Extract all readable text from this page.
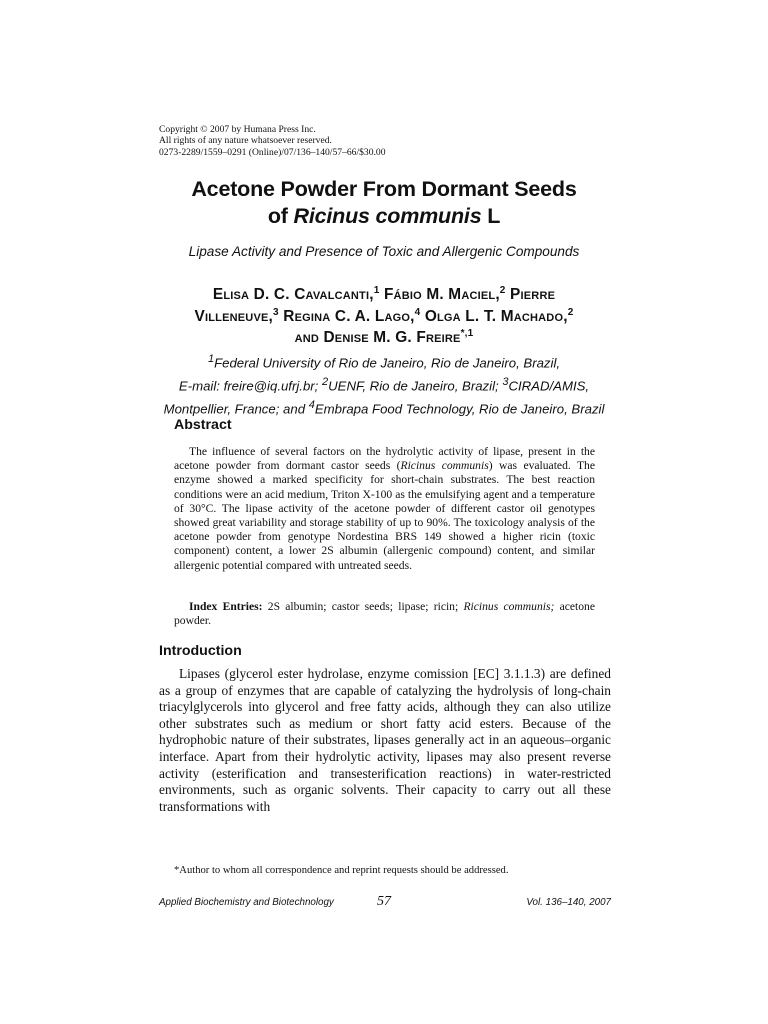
Copyright © 2007 by Humana Press Inc.
All rights of any nature whatsoever reserved.
0273-2289/1559–0291 (Online)/07/136–140/57–66/$30.00
Acetone Powder From Dormant Seeds
of Ricinus communis L
Lipase Activity and Presence of Toxic and Allergenic Compounds
Elisa D. C. Cavalcanti,$^1$ Fábio M. Maciel,$^2$ Pierre
Villeneuve,$^3$ Regina C. A. Lago,$^4$ Olga L. T. Machado,$^2$
and Denise M. G. Freire$^{*,1}$
$^1$Federal University of Rio de Janeiro, Rio de Janeiro, Brazil,
E-mail: freire@iq.ufrj.br; $^2$UENF, Rio de Janeiro, Brazil; $^3$CIRAD/AMIS,
Montpellier, France; and $^4$Embrapa Food Technology, Rio de Janeiro, Brazil
Abstract
The influence of several factors on the hydrolytic activity of lipase, present in the acetone powder from dormant castor seeds (Ricinus communis) was evaluated. The enzyme showed a marked specificity for short-chain substrates. The best reaction conditions were an acid medium, Triton X-100 as the emulsifying agent and a temperature of 30°C. The lipase activity of the acetone powder of different castor oil genotypes showed great variability and storage stability of up to 90%. The toxicology analysis of the acetone powder from genotype Nordestina BRS 149 showed a higher ricin (toxic component) content, a lower 2S albumin (allergenic compound) content, and similar allergenic potential compared with untreated seeds.
Index Entries: 2S albumin; castor seeds; lipase; ricin; Ricinus communis; acetone powder.
Introduction
Lipases (glycerol ester hydrolase, enzyme comission [EC] 3.1.1.3) are defined as a group of enzymes that are capable of catalyzing the hydrolysis of long-chain triacylglycerols into glycerol and free fatty acids, although they can also utilize other substrates such as medium or short fatty acid esters. Because of the hydrophobic nature of their substrates, lipases generally act in an aqueous–organic interface. Apart from their hydrolytic activity, lipases may also present reverse activity (esterification and transesterification reactions) in water-restricted environments, such as organic solvents. Their capacity to carry out all these transformations with
*Author to whom all correspondence and reprint requests should be addressed.
Applied Biochemistry and Biotechnology	57	Vol. 136–140, 2007
